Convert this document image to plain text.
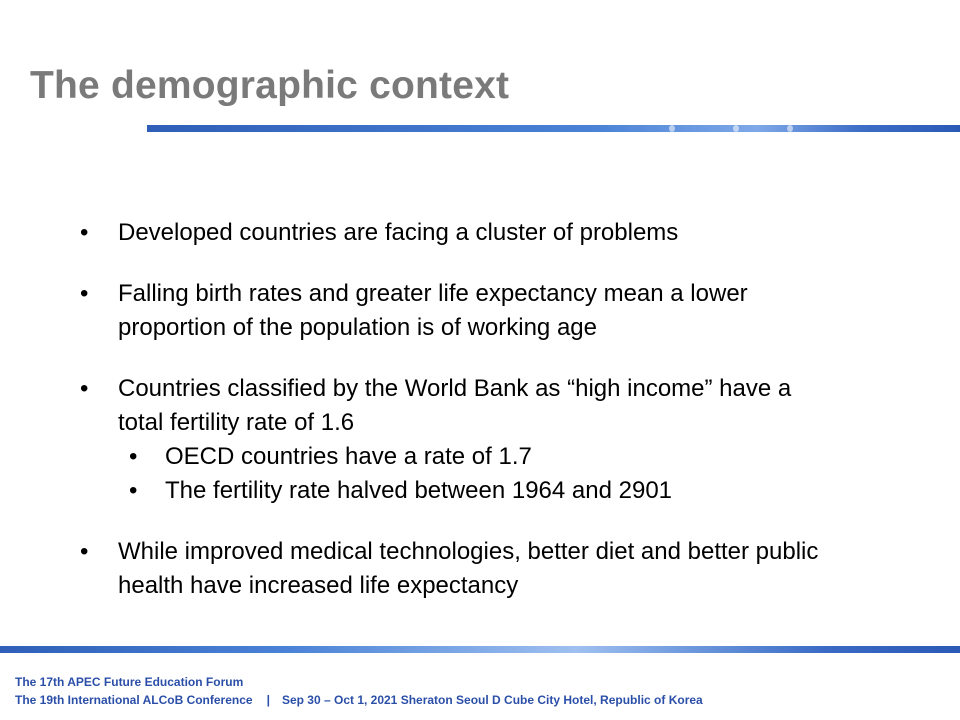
The demographic context
•	Developed countries are facing a cluster of problems
•	Falling birth rates and greater life expectancy mean a lower proportion of the population is of working age
•	Countries classified by the World Bank as “high income” have a total fertility rate of 1.6
•	OECD countries have a rate of 1.7
•	The fertility rate halved between 1964 and 2901
•	While improved medical technologies, better diet and better public health have increased life expectancy
The 17th APEC Future Education Forum
The 19th International ALCoB Conference | Sep 30 – Oct 1, 2021 Sheraton Seoul D Cube City Hotel, Republic of Korea
